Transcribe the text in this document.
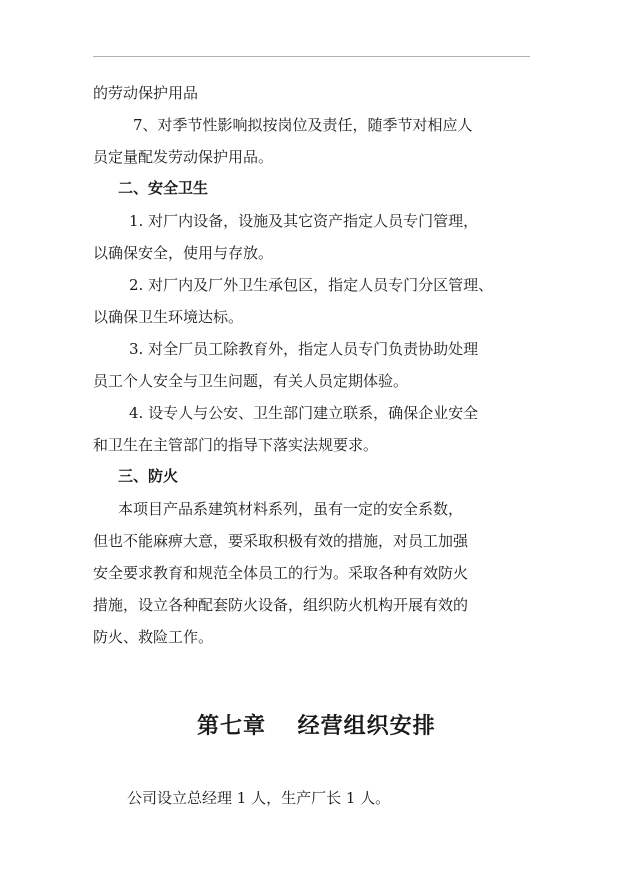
的劳动保护用品
7、对季节性影响拟按岗位及责任，随季节对相应人
员定量配发劳动保护用品。
二、安全卫生
1. 对厂内设备，设施及其它资产指定人员专门管理，
以确保安全，使用与存放。
2. 对厂内及厂外卫生承包区，指定人员专门分区管理、
以确保卫生环境达标。
3. 对全厂员工除教育外，指定人员专门负责协助处理
员工个人安全与卫生问题，有关人员定期体验。
4. 设专人与公安、卫生部门建立联系，确保企业安全
和卫生在主管部门的指导下落实法规要求。
三、防火
本项目产品系建筑材料系列，虽有一定的安全系数，
但也不能麻痹大意，要采取积极有效的措施，对员工加强
安全要求教育和规范全体员工的行为。采取各种有效防火
措施，设立各种配套防火设备，组织防火机构开展有效的
防火、救险工作。
第七章　 经营组织安排
公司设立总经理 1 人，生产厂长 1 人。
